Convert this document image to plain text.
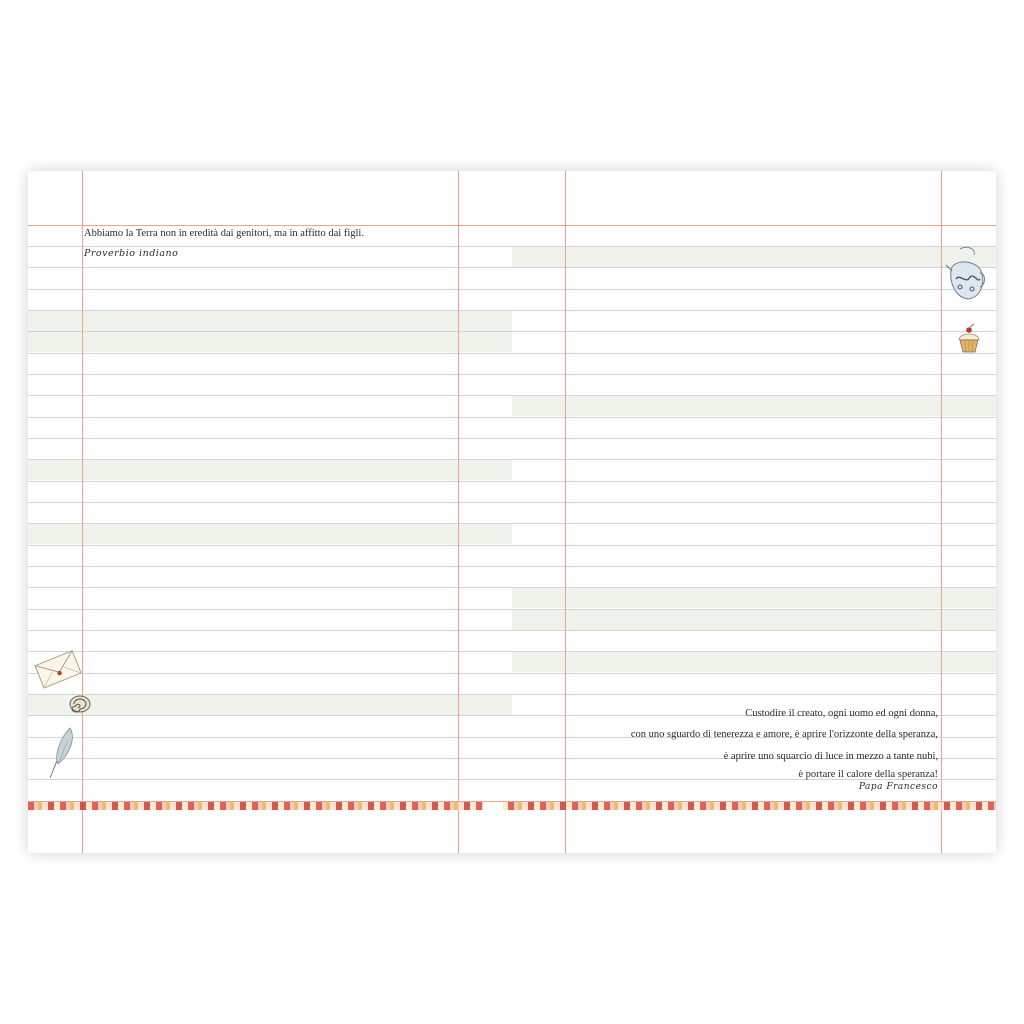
Abbiamo la Terra non in eredità dai genitori, ma in affitto dai figli.
Proverbio indiano
Custodire il creato, ogni uomo ed ogni donna,
con uno sguardo di tenerezza e amore, è aprire l'orizzonte della speranza,
è aprire uno squarcio di luce in mezzo a tante nubi,
è portare il calore della speranza!
Papa Francesco
